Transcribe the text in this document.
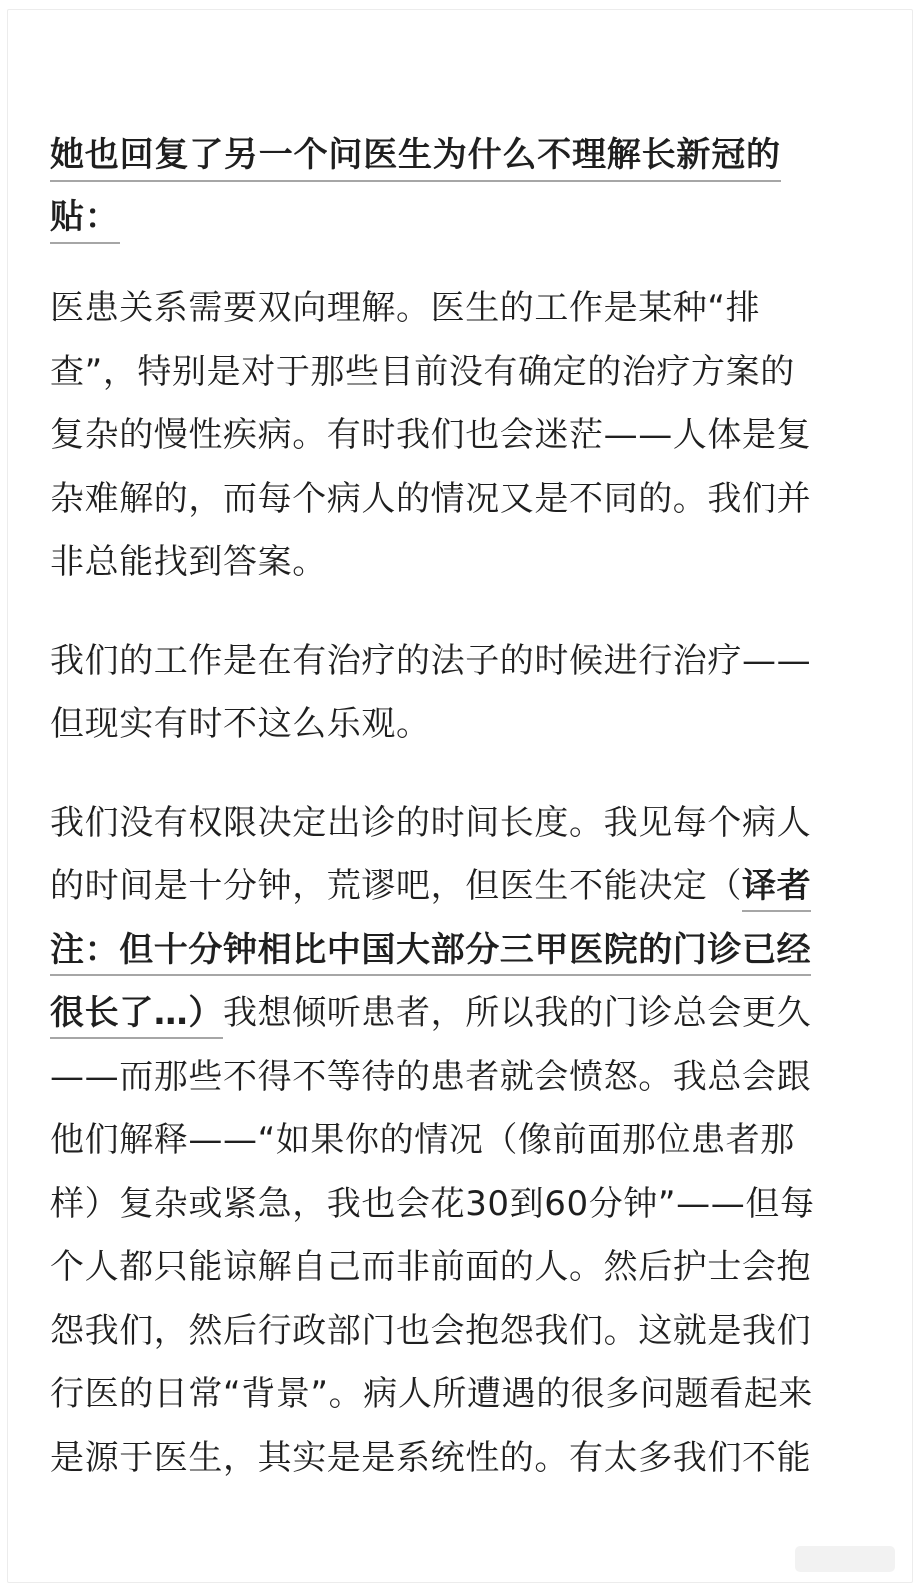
她也回复了另一个问医生为什么不理解长新冠的
贴：
医患关系需要双向理解。医生的工作是某种“排
查”，特别是对于那些目前没有确定的治疗方案的
复杂的慢性疾病。有时我们也会迷茫——人体是复
杂难解的，而每个病人的情况又是不同的。我们并
非总能找到答案。
我们的工作是在有治疗的法子的时候进行治疗——
但现实有时不这么乐观。
我们没有权限决定出诊的时间长度。我见每个病人
的时间是十分钟，荒谬吧，但医生不能决定（译者
注：但十分钟相比中国大部分三甲医院的门诊已经
很长了…）我想倾听患者，所以我的门诊总会更久
——而那些不得不等待的患者就会愤怒。我总会跟
他们解释——“如果你的情况（像前面那位患者那
样）复杂或紧急，我也会花30到60分钟”——但每
个人都只能谅解自己而非前面的人。然后护士会抱
怨我们，然后行政部门也会抱怨我们。这就是我们
行医的日常“背景”。病人所遭遇的很多问题看起来
是源于医生，其实是是系统性的。有太多我们不能
